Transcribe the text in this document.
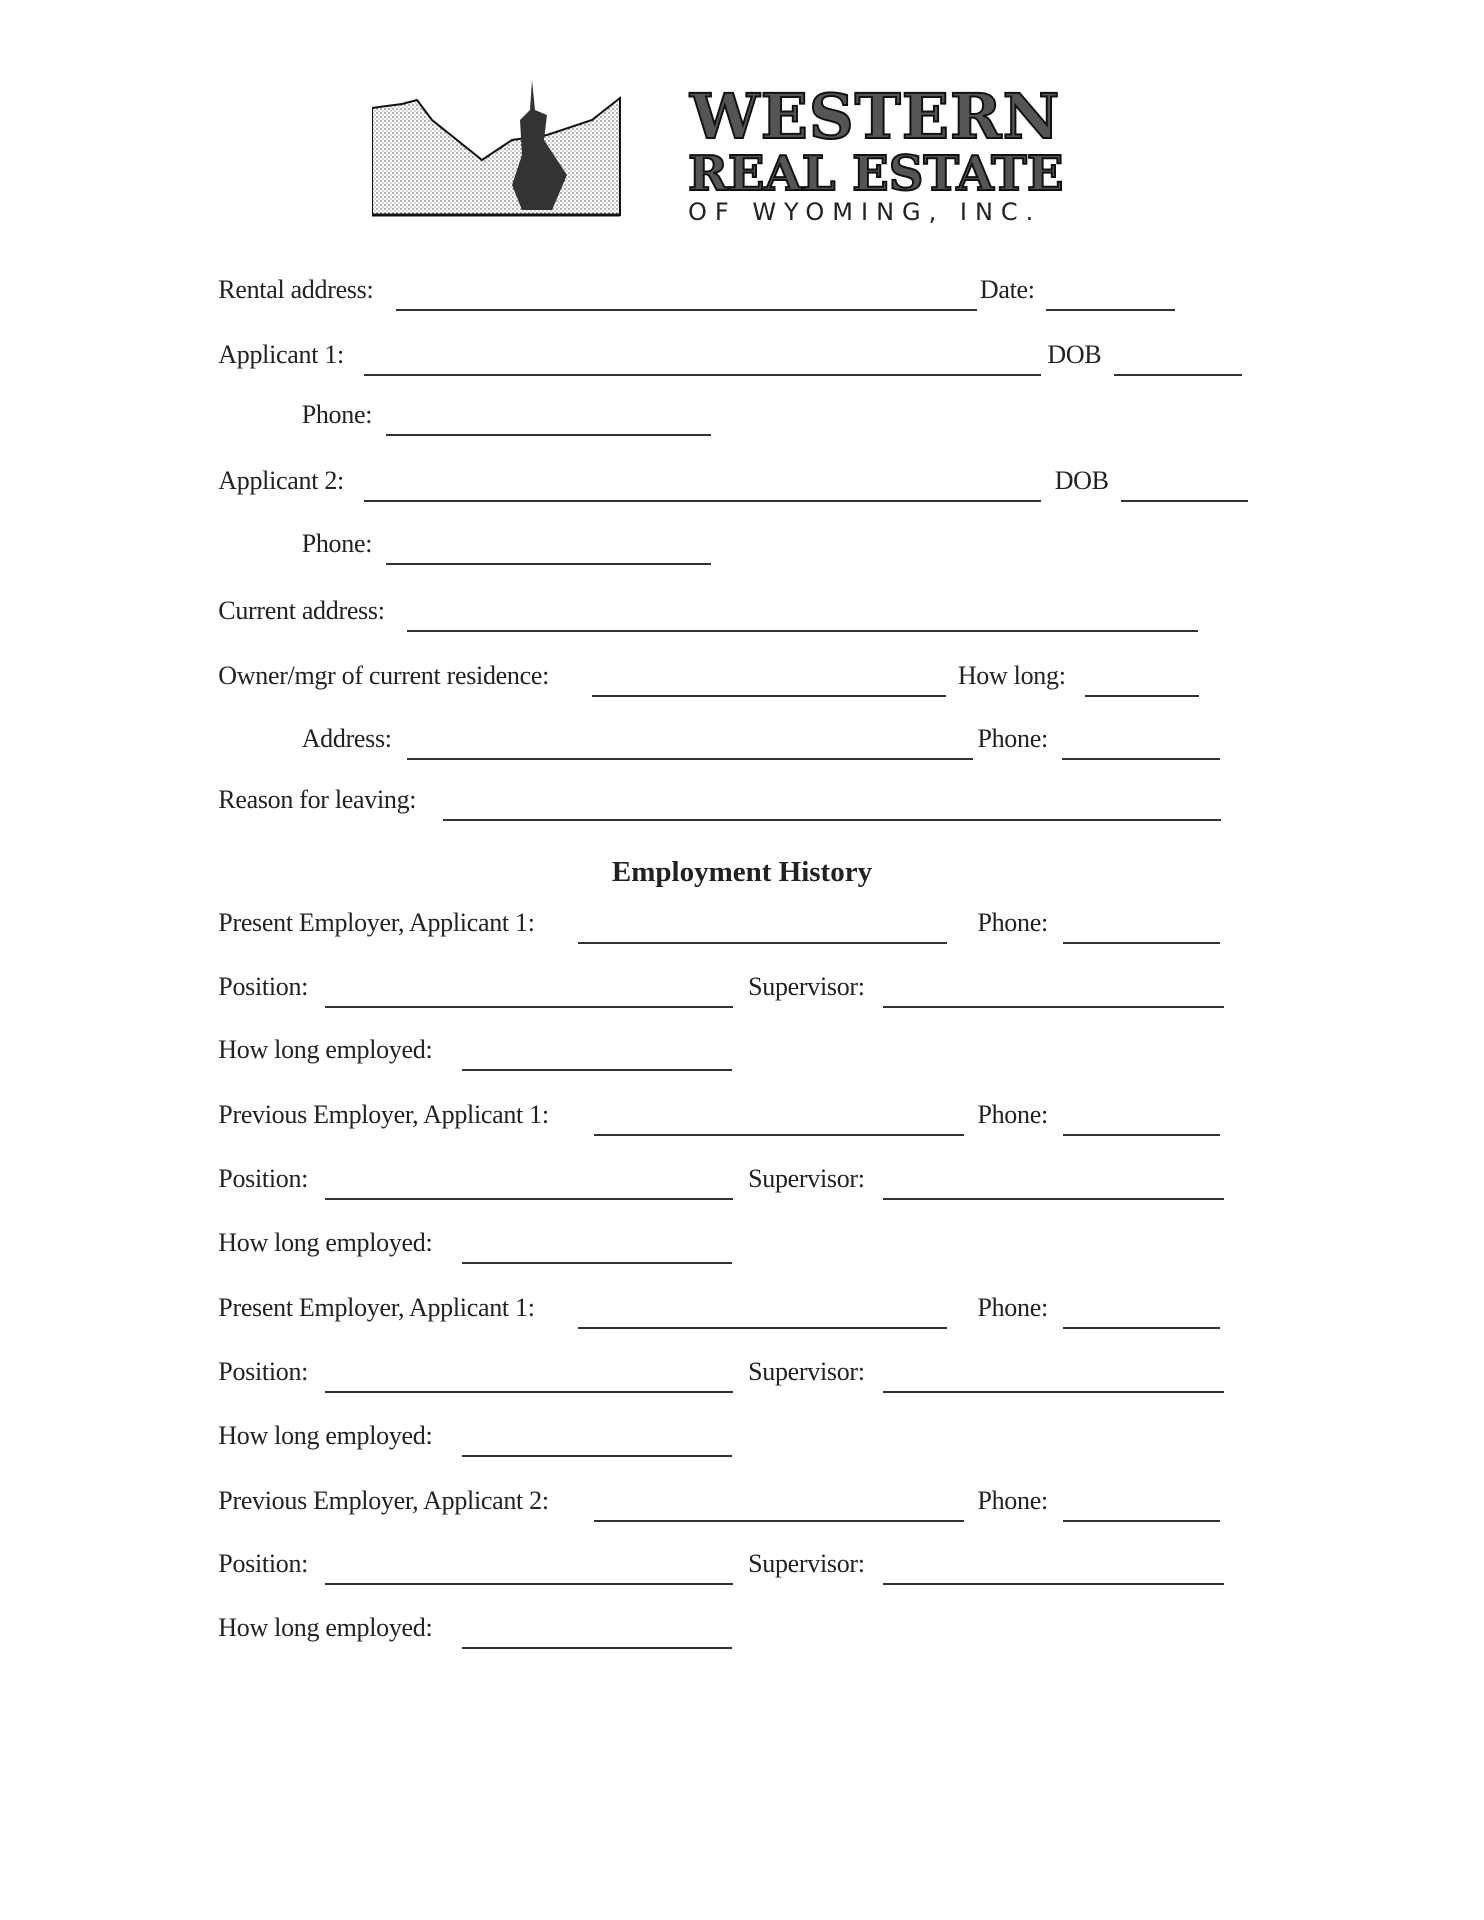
WESTERN
REAL ESTATE
OF WYOMING, INC.
Employment History
Rental address:	Date:
Applicant 1:	DOB
Phone:
Applicant 2:	DOB
Phone:
Current address:
Owner/mgr of current residence:	How long:
Address:	Phone:
Reason for leaving:
Present Employer, Applicant 1:	Phone:
Position:	Supervisor:
How long employed:
Previous Employer, Applicant 1:	Phone:
Position:	Supervisor:
How long employed:
Present Employer, Applicant 1:	Phone:
Position:	Supervisor:
How long employed:
Previous Employer, Applicant 2:	Phone:
Position:	Supervisor:
How long employed:
